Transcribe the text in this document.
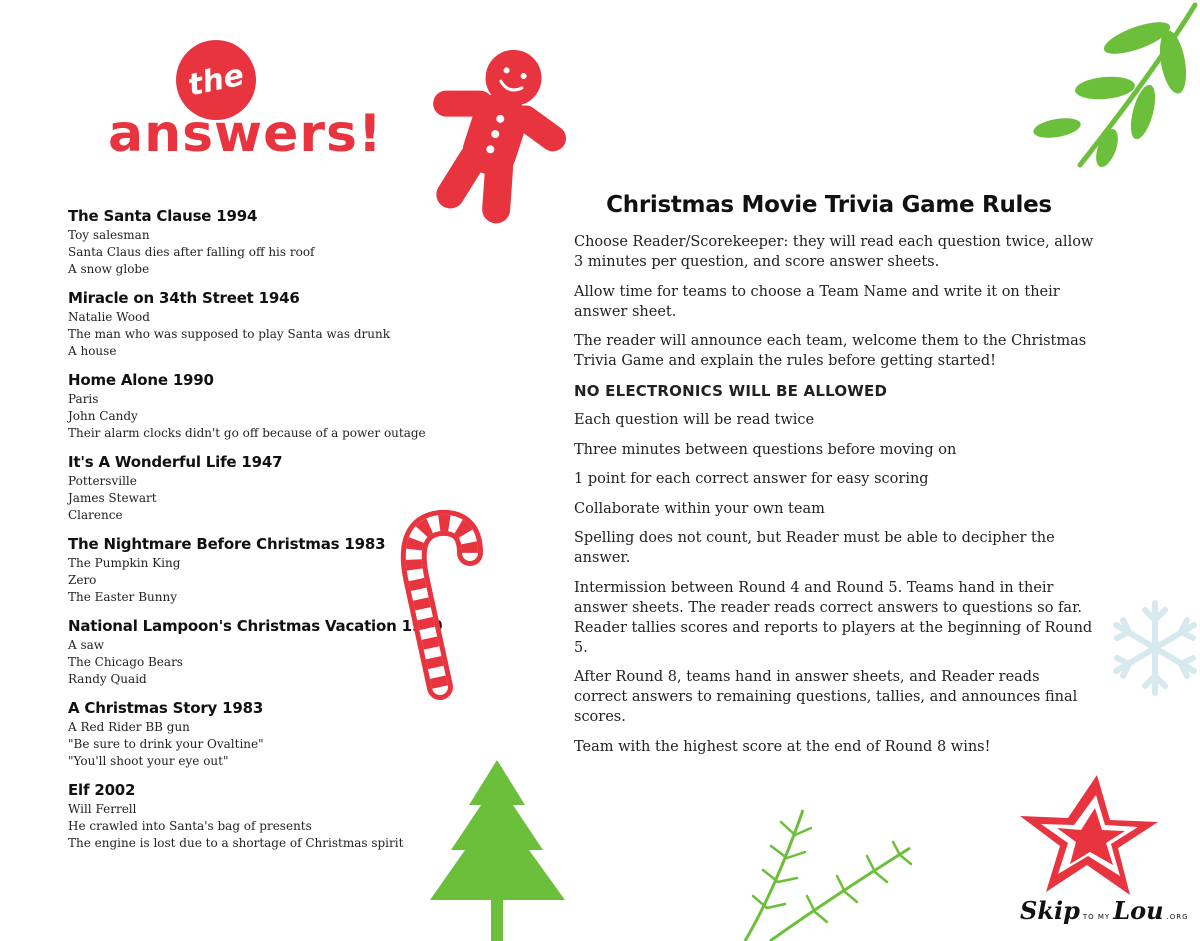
the
answers!
The Santa Clause 1994
Toy salesman
Santa Claus dies after falling off his roof
A snow globe
Miracle on 34th Street 1946
Natalie Wood
The man who was supposed to play Santa was drunk
A house
Home Alone 1990
Paris
John Candy
Their alarm clocks didn't go off because of a power outage
It's A Wonderful Life 1947
Pottersville
James Stewart
Clarence
The Nightmare Before Christmas 1983
The Pumpkin King
Zero
The Easter Bunny
National Lampoon's Christmas Vacation 1989
A saw
The Chicago Bears
Randy Quaid
A Christmas Story 1983
A Red Rider BB gun
"Be sure to drink your Ovaltine"
"You'll shoot your eye out"
Elf 2002
Will Ferrell
He crawled into Santa's bag of presents
The engine is lost due to a shortage of Christmas spirit
Christmas Movie Trivia Game Rules
Choose Reader/Scorekeeper: they will read each question twice, allow 3 minutes per question, and score answer sheets.
Allow time for teams to choose a Team Name and write it on their answer sheet.
The reader will announce each team, welcome them to the Christmas Trivia Game and explain the rules before getting started!
NO ELECTRONICS WILL BE ALLOWED
Each question will be read twice
Three minutes between questions before moving on
1 point for each correct answer for easy scoring
Collaborate within your own team
Spelling does not count, but Reader must be able to decipher the answer.
Intermission between Round 4 and Round 5. Teams hand in their answer sheets. The reader reads correct answers to questions so far. Reader tallies scores and reports to players at the beginning of Round 5.
After Round 8, teams hand in answer sheets, and Reader reads correct answers to remaining questions, tallies, and announces final scores.
Team with the highest score at the end of Round 8 wins!
Skip TO MY Lou .ORG
